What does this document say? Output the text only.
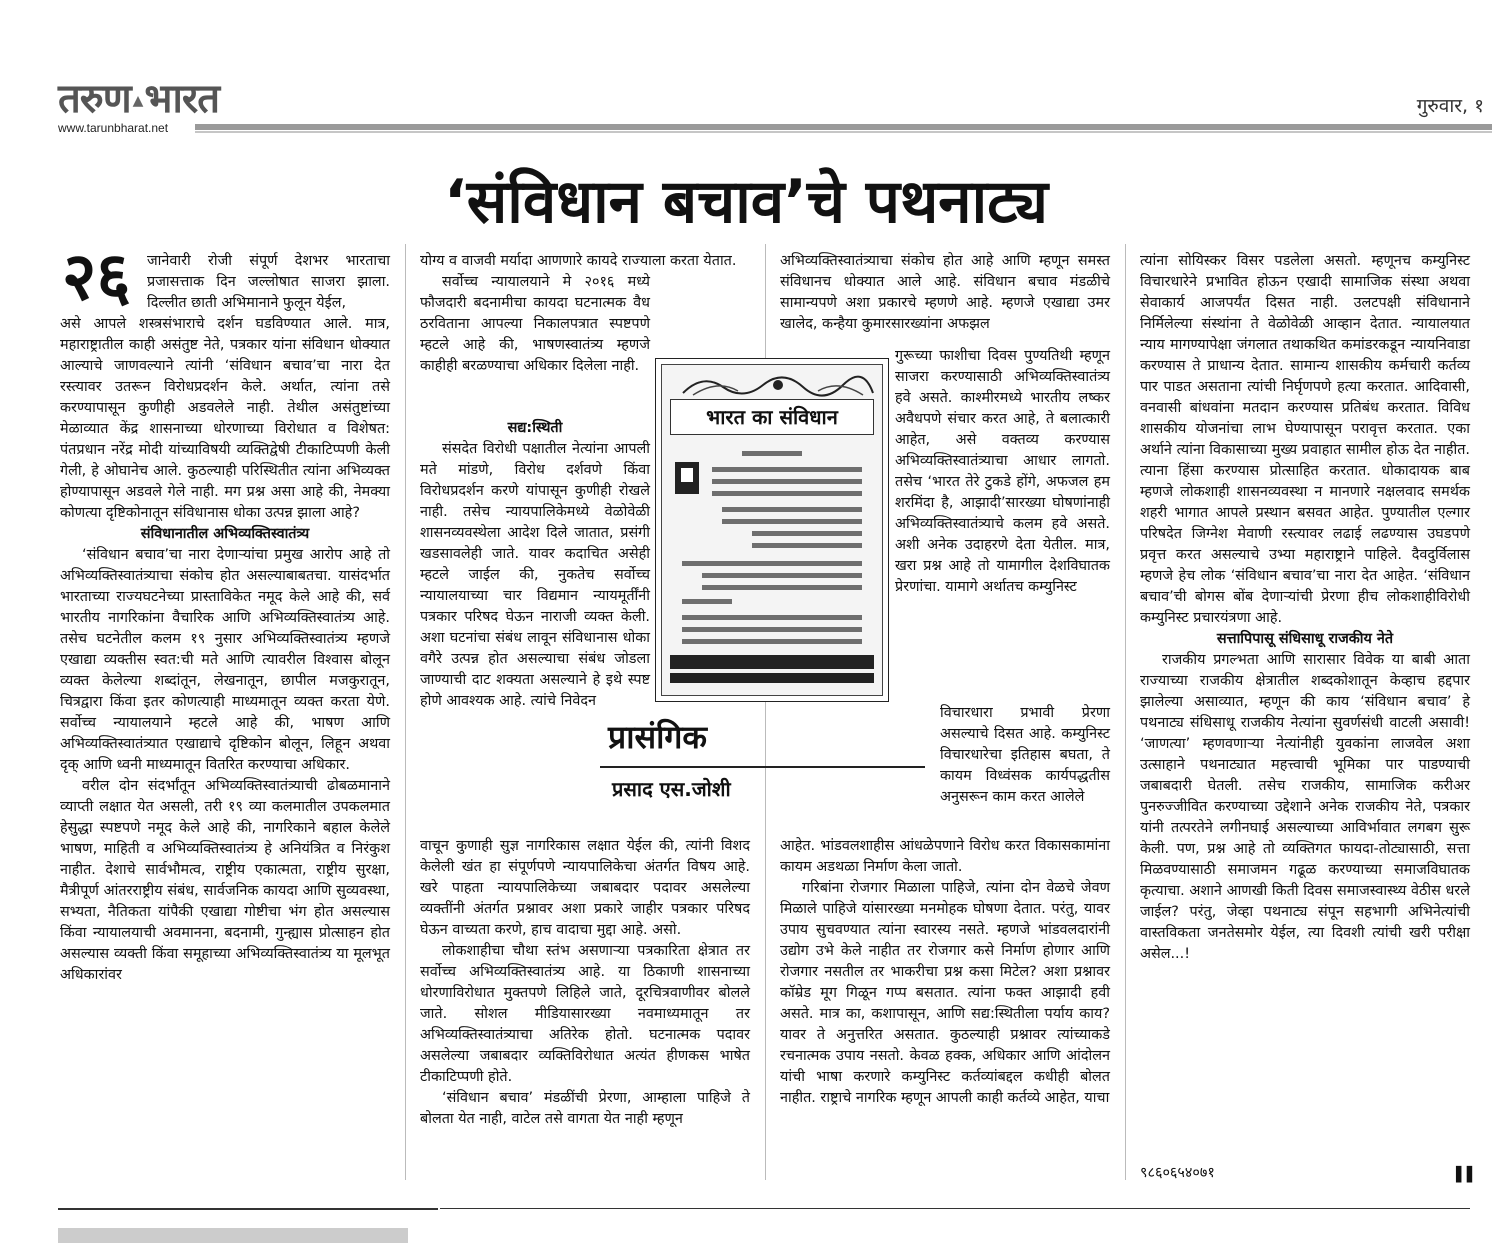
तरुण ▲भारत
www.tarunbharat.net
गुरुवार, १
‘संविधान बचाव’चे पथनाट्य
२६ जानेवारी रोजी संपूर्ण देशभर भारताचा प्रजासत्ताक दिन जल्लोषात साजरा झाला. दिल्लीत छाती अभिमानाने फुलून येईल,

असे आपले शस्त्रसंभाराचे दर्शन घडविण्यात आले. मात्र, महाराष्ट्रातील काही असंतुष्ट नेते, पत्रकार यांना संविधान धोक्यात आल्याचे जाणवल्याने त्यांनी ‘संविधान बचाव’चा नारा देत रस्त्यावर उतरून विरोधप्रदर्शन केले. अर्थात, त्यांना तसे करण्यापासून कुणीही अडवलेले नाही. तेथील असंतुष्टांच्या मेळाव्यात केंद्र शासनाच्या धोरणाच्या विरोधात व विशेषत: पंतप्रधान नरेंद्र मोदी यांच्याविषयी व्यक्तिद्वेषी टीकाटिप्पणी केली गेली, हे ओघानेच आले. कुठल्याही परिस्थितीत त्यांना अभिव्यक्त होण्यापासून अडवले गेले नाही. मग प्रश्न असा आहे की, नेमक्या कोणत्या दृष्टिकोनातून संविधानास धोका उत्पन्न झाला आहे?

संविधानातील अभिव्यक्तिस्वातंत्र्य

‘संविधान बचाव’चा नारा देणाऱ्यांचा प्रमुख आरोप आहे तो अभिव्यक्तिस्वातंत्र्याचा संकोच होत असल्याबाबतचा. यासंदर्भात भारताच्या राज्यघटनेच्या प्रास्ताविकेत नमूद केले आहे की, सर्व भारतीय नागरिकांना वैचारिक आणि अभिव्यक्तिस्वातंत्र्य आहे. तसेच घटनेतील कलम १९ नुसार अभिव्यक्तिस्वातंत्र्य म्हणजे एखाद्या व्यक्तीस स्वत:ची मते आणि त्यावरील विश्वास बोलून व्यक्त केलेल्या शब्दांतून, लेखनातून, छापील मजकुरातून, चित्रद्वारा किंवा इतर कोणत्याही माध्यमातून व्यक्त करता येणे. सर्वोच्च न्यायालयाने म्हटले आहे की, भाषण आणि अभिव्यक्तिस्वातंत्र्यात एखाद्याचे दृष्टिकोन बोलून, लिहून अथवा दृक् आणि ध्वनी माध्यमातून वितरित करण्याचा अधिकार.

वरील दोन संदर्भांतून अभिव्यक्तिस्वातंत्र्याची ढोबळमानाने व्याप्ती लक्षात येत असली, तरी १९ व्या कलमातील उपकलमात हेसुद्धा स्पष्टपणे नमूद केले आहे की, नागरिकाने बहाल केलेले भाषण, माहिती व अभिव्यक्तिस्वातंत्र्य हे अनियंत्रित व निरंकुश नाहीत. देशाचे सार्वभौमत्व, राष्ट्रीय एकात्मता, राष्ट्रीय सुरक्षा, मैत्रीपूर्ण आंतरराष्ट्रीय संबंध, सार्वजनिक कायदा आणि सुव्यवस्था, सभ्यता, नैतिकता यांपैकी एखाद्या गोष्टीचा भंग होत असल्यास किंवा न्यायालयाची अवमानना, बदनामी, गुन्ह्यास प्रोत्साहन होत असल्यास व्यक्ती किंवा समूहाच्या अभिव्यक्तिस्वातंत्र्य या मूलभूत अधिकारांवर

योग्य व वाजवी मर्यादा आणणारे कायदे राज्याला करता येतात.

सर्वोच्च न्यायालयाने मे २०१६ मध्ये फौजदारी बदनामीचा कायदा घटनात्मक वैध ठरविताना आपल्या निकालपत्रात स्पष्टपणे म्हटले आहे की, भाषणस्वातंत्र्य म्हणजे काहीही बरळण्याचा अधिकार दिलेला नाही.

सद्य:स्थिती

संसदेत विरोधी पक्षातील नेत्यांना आपली मते मांडणे, विरोध दर्शवणे किंवा विरोधप्रदर्शन करणे यांपासून कुणीही रोखले नाही. तसेच न्यायपालिकेमध्ये वेळोवेळी शासनव्यवस्थेला आदेश दिले जातात, प्रसंगी खडसावलेही जाते. यावर कदाचित असेही म्हटले जाईल की, नुकतेच सर्वोच्च न्यायालयाच्या चार विद्यमान न्यायमूर्तींनी पत्रकार परिषद घेऊन नाराजी व्यक्त केली. अशा घटनांचा संबंध लावून संविधानास धोका वगैरे उत्पन्न होत असल्याचा संबंध जोडला जाण्याची दाट शक्यता असल्याने हे इथे स्पष्ट होणे आवश्यक आहे. त्यांचे निवेदन

वाचून कुणाही सुज्ञ नागरिकास लक्षात येईल की, त्यांनी विशद केलेली खंत हा संपूर्णपणे न्यायपालिकेचा अंतर्गत विषय आहे. खरे पाहता न्यायपालिकेच्या जबाबदार पदावर असलेल्या व्यक्तींनी अंतर्गत प्रश्नावर अशा प्रकारे जाहीर पत्रकार परिषद घेऊन वाच्यता करणे, हाच वादाचा मुद्दा आहे. असो.

लोकशाहीचा चौथा स्तंभ असणाऱ्या पत्रकारिता क्षेत्रात तर सर्वोच्च अभिव्यक्तिस्वातंत्र्य आहे. या ठिकाणी शासनाच्या धोरणाविरोधात मुक्तपणे लिहिले जाते, दूरचित्रवाणीवर बोलले जाते. सोशल मीडियासारख्या नवमाध्यमातून तर अभिव्यक्तिस्वातंत्र्याचा अतिरेक होतो. घटनात्मक पदावर असलेल्या जबाबदार व्यक्तिविरोधात अत्यंत हीणकस भाषेत टीकाटिप्पणी होते.

‘संविधान बचाव’ मंडळींची प्रेरणा, आम्हाला पाहिजे ते बोलता येत नाही, वाटेल तसे वागता येत नाही म्हणून

भारत का संविधान
प्रासंगिक
प्रसाद एस.जोशी

अभिव्यक्तिस्वातंत्र्याचा संकोच होत आहे आणि म्हणून समस्त संविधानच धोक्यात आले आहे. संविधान बचाव मंडळीचे सामान्यपणे अशा प्रकारचे म्हणणे आहे. म्हणजे एखाद्या उमर खालेद, कन्हैया कुमारसारख्यांना अफझल

गुरूच्या फाशीचा दिवस पुण्यतिथी म्हणून साजरा करण्यासाठी अभिव्यक्तिस्वातंत्र्य हवे असते. काश्मीरमध्ये भारतीय लष्कर अवैधपणे संचार करत आहे, ते बलात्कारी आहेत, असे वक्तव्य करण्यास अभिव्यक्तिस्वातंत्र्याचा आधार लागतो. तसेच ‘भारत तेरे टुकडे होंगे, अफजल हम शरमिंदा है, आझादी’सारख्या घोषणांनाही अभिव्यक्तिस्वातंत्र्याचे कलम हवे असते. अशी अनेक उदाहरणे देता येतील. मात्र, खरा प्रश्न आहे तो यामागील देशविघातक प्रेरणांचा. यामागे अर्थातच कम्युनिस्ट

विचारधारा प्रभावी प्रेरणा असल्याचे दिसत आहे. कम्युनिस्ट विचारधारेचा इतिहास बघता, ते कायम विध्वंसक कार्यपद्धतीस अनुसरून काम करत आलेले

आहेत. भांडवलशाहीस आंधळेपणाने विरोध करत विकासकामांना कायम अडथळा निर्माण केला जातो.

गरिबांना रोजगार मिळाला पाहिजे, त्यांना दोन वेळचे जेवण मिळाले पाहिजे यांसारख्या मनमोहक घोषणा देतात. परंतु, यावर उपाय सुचवण्यात त्यांना स्वारस्य नसते. म्हणजे भांडवलदारांनी उद्योग उभे केले नाहीत तर रोजगार कसे निर्माण होणार आणि रोजगार नसतील तर भाकरीचा प्रश्न कसा मिटेल? अशा प्रश्नावर कॉम्रेड मूग गिळून गप्प बसतात. त्यांना फक्त आझादी हवी असते. मात्र का, कशापासून, आणि सद्य:स्थितीला पर्याय काय? यावर ते अनुत्तरित असतात. कुठल्याही प्रश्नावर त्यांच्याकडे रचनात्मक उपाय नसतो. केवळ हक्क, अधिकार आणि आंदोलन यांची भाषा करणारे कम्युनिस्ट कर्तव्यांबद्दल कधीही बोलत नाहीत. राष्ट्राचे नागरिक म्हणून आपली काही कर्तव्ये आहेत, याचा

त्यांना सोयिस्कर विसर पडलेला असतो. म्हणूनच कम्युनिस्ट विचारधारेने प्रभावित होऊन एखादी सामाजिक संस्था अथवा सेवाकार्य आजपर्यंत दिसत नाही. उलटपक्षी संविधानाने निर्मिलेल्या संस्थांना ते वेळोवेळी आव्हान देतात. न्यायालयात न्याय मागण्यापेक्षा जंगलात तथाकथित कमांडरकडून न्यायनिवाडा करण्यास ते प्राधान्य देतात. सामान्य शासकीय कर्मचारी कर्तव्य पार पाडत असताना त्यांची निर्घृणपणे हत्या करतात. आदिवासी, वनवासी बांधवांना मतदान करण्यास प्रतिबंध करतात. विविध शासकीय योजनांचा लाभ घेण्यापासून परावृत्त करतात. एका अर्थाने त्यांना विकासाच्या मुख्य प्रवाहात सामील होऊ देत नाहीत. त्याना हिंसा करण्यास प्रोत्साहित करतात. धोकादायक बाब म्हणजे लोकशाही शासनव्यवस्था न मानणारे नक्षलवाद समर्थक शहरी भागात आपले प्रस्थान बसवत आहेत. पुण्यातील एल्गार परिषदेत जिग्नेश मेवाणी रस्त्यावर लढाई लढण्यास उघडपणे प्रवृत्त करत असल्याचे उभ्या महाराष्ट्राने पाहिले. दैवदुर्विलास म्हणजे हेच लोक ‘संविधान बचाव’चा नारा देत आहेत. ‘संविधान बचाव’ची बोगस बोंब देणाऱ्यांची प्रेरणा हीच लोकशाहीविरोधी कम्युनिस्ट प्रचारयंत्रणा आहे.

सत्तापिपासू संधिसाधू राजकीय नेते

राजकीय प्रगल्भता आणि सारासार विवेक या बाबी आता राज्याच्या राजकीय क्षेत्रातील शब्दकोशातून केव्हाच हद्दपार झालेल्या असाव्यात, म्हणून की काय ‘संविधान बचाव’ हे पथनाट्य संधिसाधू राजकीय नेत्यांना सुवर्णसंधी वाटली असावी! ‘जाणत्या’ म्हणवणाऱ्या नेत्यांनीही युवकांना लाजवेल अशा उत्साहाने पथनाट्यात महत्त्वाची भूमिका पार पाडण्याची जबाबदारी घेतली. तसेच राजकीय, सामाजिक करीअर पुनरुज्जीवित करण्याच्या उद्देशाने अनेक राजकीय नेते, पत्रकार यांनी तत्परतेने लगीनघाई असल्याच्या आविर्भावात लगबग सुरू केली. पण, प्रश्न आहे तो व्यक्तिगत फायदा-तोट्यासाठी, सत्ता मिळवण्यासाठी समाजमन गढूळ करण्याच्या समाजविघातक कृत्याचा. अशाने आणखी किती दिवस समाजस्वास्थ्य वेठीस धरले जाईल? परंतु, जेव्हा पथनाट्य संपून सहभागी अभिनेत्यांची वास्तविकता जनतेसमोर येईल, त्या दिवशी त्यांची खरी परीक्षा असेल...!

९८६०६५४०७१	▌▌
